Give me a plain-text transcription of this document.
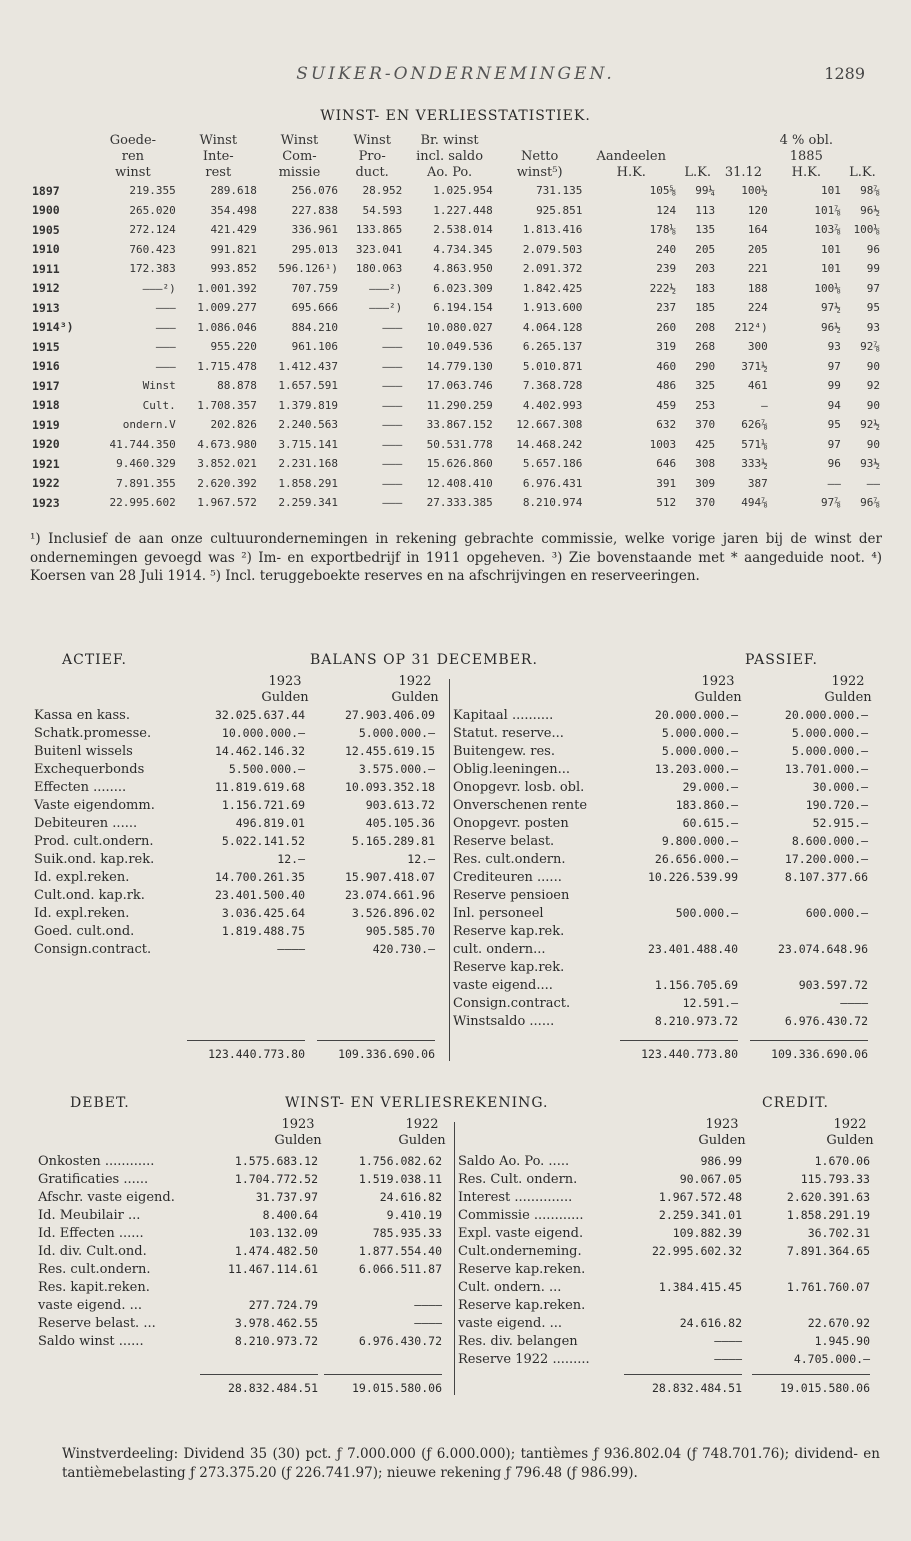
SUIKER-ONDERNEMINGEN.	1289
WINST- EN VERLIESSTATISTIEK.
	Goede-
ren
winst	Winst
Inte-
rest	Winst
Com-
missie	Winst
Pro-
duct.	Br. winst
incl. saldo
Ao. Po.	Netto
winst⁵)	Aandeelen
H.K.	L.K.	31.12	4 % obl.
1885
H.K.	L.K.
1897	219.355	289.618	256.076	28.952	1.025.954	731.135	105⅝	99¼	100½	101	98⅞
1900	265.020	354.498	227.838	54.593	1.227.448	925.851	124	113	120	101⅞	96½
1905	272.124	421.429	336.961	133.865	2.538.014	1.813.416	178⅛	135	164	103⅞	100⅛
1910	760.423	991.821	295.013	323.041	4.734.345	2.079.503	240	205	205	101	96
1911	172.383	993.852	596.126¹)	180.063	4.863.950	2.091.372	239	203	221	101	99
1912	———²)	1.001.392	707.759	———²)	6.023.309	1.842.425	222½	183	188	100⅛	97
1913	———	1.009.277	695.666	———²)	6.194.154	1.913.600	237	185	224	97½	95
1914³)	———	1.086.046	884.210	———	10.080.027	4.064.128	260	208	212⁴)	96½	93
1915	———	955.220	961.106	———	10.049.536	6.265.137	319	268	300	93	92⅞
1916	———	1.715.478	1.412.437	———	14.779.130	5.010.871	460	290	371½	97	90
1917	Winst	88.878	1.657.591	———	17.063.746	7.368.728	486	325	461	99	92
1918	Cult.	1.708.357	1.379.819	———	11.290.259	4.402.993	459	253	—	94	90
1919	ondern.V	202.826	2.240.563	———	33.867.152	12.667.308	632	370	626⅞	95	92½
1920	41.744.350	4.673.980	3.715.141	———	50.531.778	14.468.242	1003	425	571⅛	97	90
1921	9.460.329	3.852.021	2.231.168	———	15.626.860	5.657.186	646	308	333½	96	93½
1922	7.891.355	2.620.392	1.858.291	———	12.408.410	6.976.431	391	309	387	——	——
1923	22.995.602	1.967.572	2.259.341	———	27.333.385	8.210.974	512	370	494⅞	97⅞	96⅞
¹) Inclusief de aan onze cultuurondernemingen in rekening gebrachte commissie, welke vorige jaren bij de winst der ondernemingen gevoegd was ²) Im- en exportbedrijf in 1911 opgeheven. ³) Zie bovenstaande met * aangeduide noot. ⁴) Koersen van 28 Juli 1914. ⁵) Incl. teruggeboekte reserves en na afschrijvingen en reserveeringen.
ACTIEF.	BALANS OP 31 DECEMBER.	PASSIEF.
1923
Gulden
1922
Gulden
1923
Gulden
1922
Gulden
Kassa en kass.	32.025.637.44	27.903.406.09
Schatk.promesse.	10.000.000.—	5.000.000.—
Buitenl wissels	14.462.146.32	12.455.619.15
Exchequerbonds	5.500.000.—	3.575.000.—
Effecten ........	11.819.619.68	10.093.352.18
Vaste eigendomm.	1.156.721.69	903.613.72
Debiteuren ......	496.819.01	405.105.36
Prod. cult.ondern.	5.022.141.52	5.165.289.81
Suik.ond. kap.rek.	12.—	12.—
Id. expl.reken.	14.700.261.35	15.907.418.07
Cult.ond. kap.rk.	23.401.500.40	23.074.661.96
Id. expl.reken.	3.036.425.64	3.526.896.02
Goed. cult.ond.	1.819.488.75	905.585.70
Consign.contract.	————	420.730.—
Kapitaal ..........	20.000.000.—	20.000.000.—
Statut. reserve...	5.000.000.—	5.000.000.—
Buitengew. res.	5.000.000.—	5.000.000.—
Oblig.leeningen...	13.203.000.—	13.701.000.—
Onopgevr. losb. obl.	29.000.—	30.000.—
Onverschenen rente	183.860.—	190.720.—
Onopgevr. posten	60.615.—	52.915.—
Reserve belast.	9.800.000.—	8.600.000.—
Res. cult.ondern.	26.656.000.—	17.200.000.—
Crediteuren ......	10.226.539.99	8.107.377.66
Reserve pensioen
Inl. personeel	500.000.—	600.000.—
Reserve kap.rek.
cult. ondern...	23.401.488.40	23.074.648.96
Reserve kap.rek.
vaste eigend....	1.156.705.69	903.597.72
Consign.contract.	12.591.—	————
Winstsaldo ......	8.210.973.72	6.976.430.72
123.440.773.80	109.336.690.06	123.440.773.80	109.336.690.06
DEBET.	WINST- EN VERLIESREKENING.	CREDIT.
1923
Gulden
1922
Gulden
1923
Gulden
1922
Gulden
Onkosten ............	1.575.683.12	1.756.082.62
Gratificaties ......	1.704.772.52	1.519.038.11
Afschr. vaste eigend.	31.737.97	24.616.82
Id. Meubilair ...	8.400.64	9.410.19
Id. Effecten ......	103.132.09	785.935.33
Id. div. Cult.ond.	1.474.482.50	1.877.554.40
Res. cult.ondern.	11.467.114.61	6.066.511.87
Res. kapit.reken.
vaste eigend. ...	277.724.79	————
Reserve belast. ...	3.978.462.55	————
Saldo winst ......	8.210.973.72	6.976.430.72
Saldo Ao. Po. .....	986.99	1.670.06
Res. Cult. ondern.	90.067.05	115.793.33
Interest ..............	1.967.572.48	2.620.391.63
Commissie ............	2.259.341.01	1.858.291.19
Expl. vaste eigend.	109.882.39	36.702.31
Cult.onderneming.	22.995.602.32	7.891.364.65
Reserve kap.reken.
Cult. ondern. ...	1.384.415.45	1.761.760.07
Reserve kap.reken.
vaste eigend. ...	24.616.82	22.670.92
Res. div. belangen	————	1.945.90
Reserve 1922 .........	————	4.705.000.—
28.832.484.51	19.015.580.06	28.832.484.51	19.015.580.06
Winstverdeeling: Dividend 35 (30) pct. ƒ 7.000.000 (ƒ 6.000.000); tantièmes ƒ 936.802.04 (ƒ 748.701.76); dividend- en tantièmebelasting ƒ 273.375.20 (ƒ 226.741.97); nieuwe rekening ƒ 796.48 (ƒ 986.99).
